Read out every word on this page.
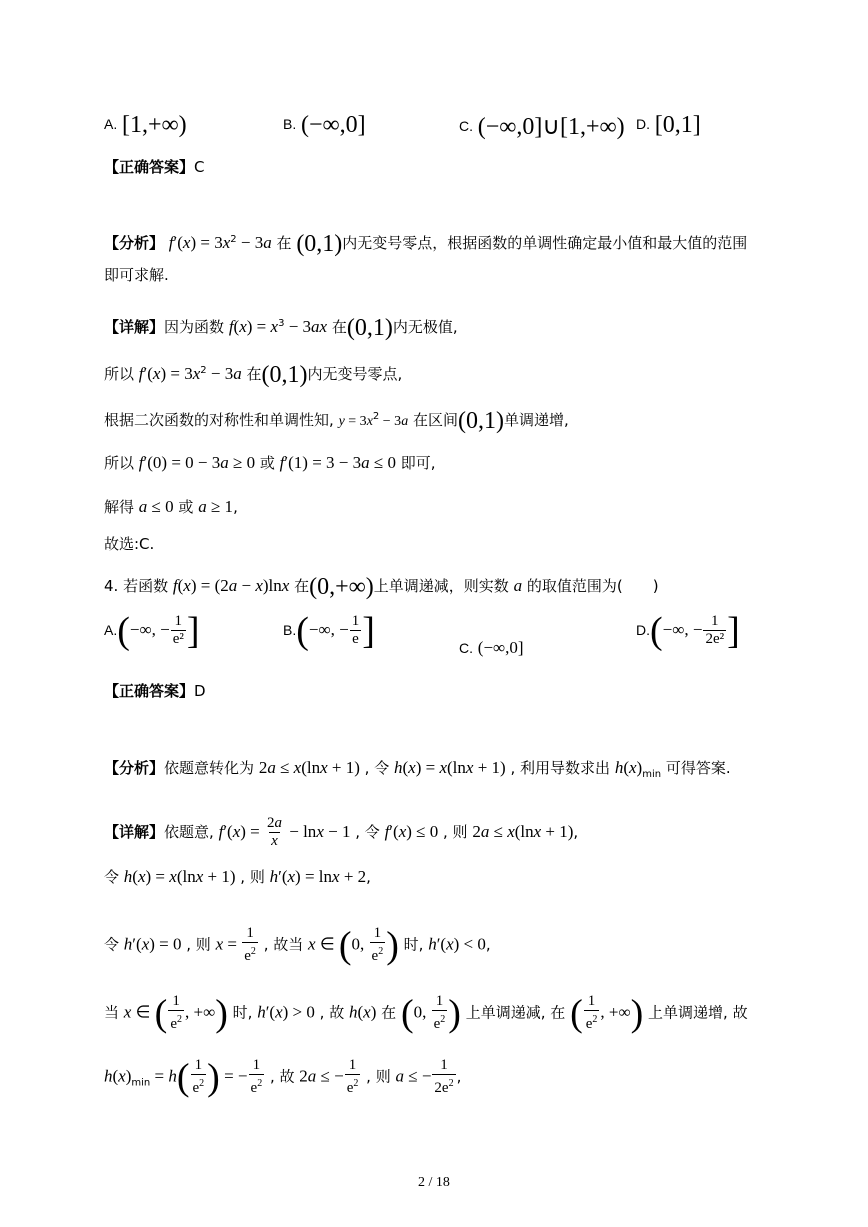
A. [1,+∞)	B. (−∞,0]	C. (−∞,0]∪[1,+∞) D. [0,1]
【正确答案】C
【分析】 $f'(x) = 3x^2 - 3a$ 在 (0,1)内无变号零点，根据函数的单调性确定最小值和最大值的范围
即可求解.
【详解】因为函数 $f(x) = x^3 - 3ax$ 在(0,1)内无极值,
所以 $f'(x) = 3x^2 - 3a$ 在(0,1)内无变号零点,
根据二次函数的对称性和单调性知, $y = 3x^2 - 3a$ 在区间(0,1)单调递增,
所以 f′(0) = 0 − 3a ≥ 0 或 f′(1) = 3 − 3a ≤ 0 即可,
解得 a ≤ 0 或 a ≥ 1,
故选:C.
4. 若函数 f(x) = (2a − x)lnx 在(0,+∞)上单调递减，则实数 a 的取值范围为(　　)
A.(−∞, − $\frac{1}{\text{e²}}$ ]	B.(−∞, − $\frac{1}{e}$ ]	C. (−∞,0]
D.(−∞, − $\frac{1}{\text{2e²}}$ ]
【正确答案】D
【分析】依题意转化为 2a ≤ x(lnx + 1) , 令 h(x) = x(lnx + 1) , 利用导数求出 $h(x)_{min}$ 可得答案.
【详解】依题意, $f'(x) = \frac{2a}{x} - \ln x - 1$ , 令 f′(x) ≤ 0 , 则 2a ≤ x(lnx + 1),
令 h(x) = x(lnx + 1) , 则 h′(x) = lnx + 2,
令 h′(x) = 0 , 则 $x = \frac{1}{e^2}$ , 故当 x ∈ (0, $\frac{1}{e^2}$ ) 时, h′(x) < 0,
当 x ∈ ( $\frac{1}{e^2}$ , +∞) 时, h′(x) > 0 , 故 h(x) 在 (0, $\frac{1}{e^2}$ ) 上单调递减, 在 ( $\frac{1}{e^2}$ , +∞) 上单调递增, 故
$h(x)_{min} = h( \frac{1}{e^2}$ ) = − $\frac{1}{e^2}$ , 故 2a ≤ − $\frac{1}{e^2}$ , 则 a ≤ − $\frac{1}{2e^2}$ ,
2 / 18
